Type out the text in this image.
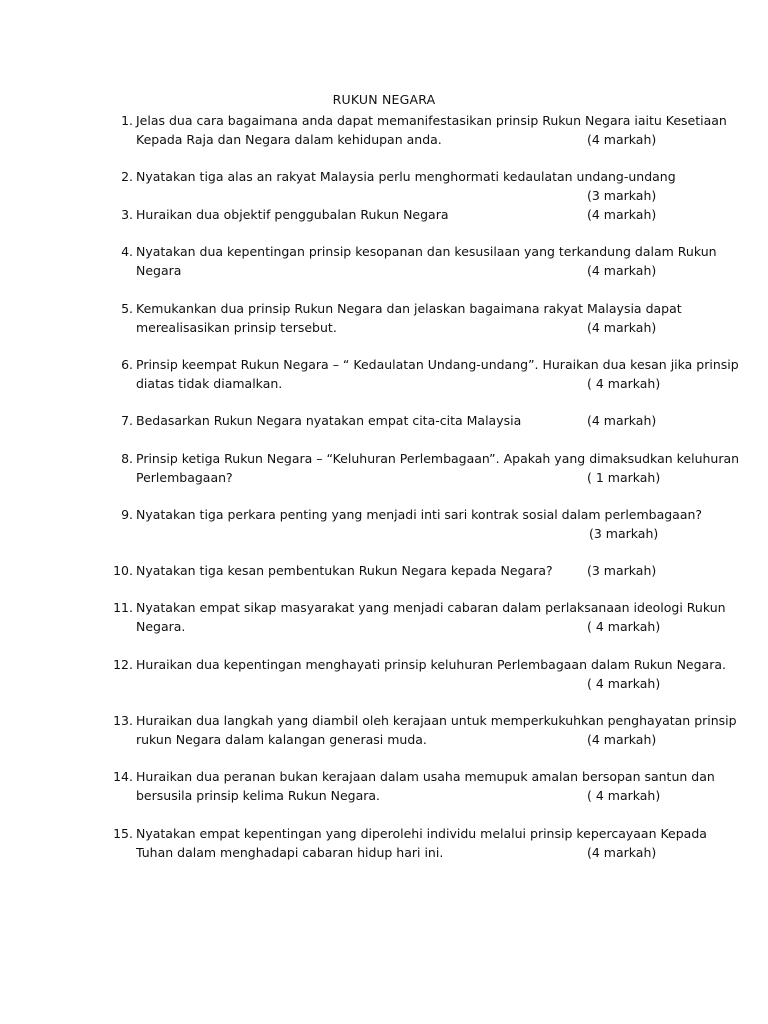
RUKUN NEGARA
1. Jelas dua cara bagaimana anda dapat memanifestasikan prinsip Rukun Negara iaitu Kesetiaan
Kepada Raja dan Negara dalam kehidupan anda.	(4 markah)
2. Nyatakan tiga alas an rakyat Malaysia perlu menghormati kedaulatan undang-undang
(3 markah)
3. Huraikan dua objektif penggubalan Rukun Negara	(4 markah)
4. Nyatakan dua kepentingan prinsip kesopanan dan kesusilaan yang terkandung dalam Rukun
Negara	(4 markah)
5. Kemukankan dua prinsip Rukun Negara dan jelaskan bagaimana rakyat Malaysia dapat
merealisasikan prinsip tersebut.	(4 markah)
6. Prinsip keempat Rukun Negara – “ Kedaulatan Undang-undang”. Huraikan dua kesan jika prinsip
diatas tidak diamalkan.	( 4 markah)
7. Bedasarkan Rukun Negara nyatakan empat cita-cita Malaysia	(4 markah)
8. Prinsip ketiga Rukun Negara – “Keluhuran Perlembagaan”. Apakah yang dimaksudkan keluhuran
Perlembagaan?	( 1 markah)
9. Nyatakan tiga perkara penting yang menjadi inti sari kontrak sosial dalam perlembagaan?
(3 markah)
10. Nyatakan tiga kesan pembentukan Rukun Negara kepada Negara?	(3 markah)
11. Nyatakan empat sikap masyarakat yang menjadi cabaran dalam perlaksanaan ideologi Rukun
Negara.	( 4 markah)
12. Huraikan dua kepentingan menghayati prinsip keluhuran Perlembagaan dalam Rukun Negara.
( 4 markah)
13. Huraikan dua langkah yang diambil oleh kerajaan untuk memperkukuhkan penghayatan prinsip
rukun Negara dalam kalangan generasi muda.	(4 markah)
14. Huraikan dua peranan bukan kerajaan dalam usaha memupuk amalan bersopan santun dan
bersusila prinsip kelima Rukun Negara.	( 4 markah)
15. Nyatakan empat kepentingan yang diperolehi individu melalui prinsip kepercayaan Kepada
Tuhan dalam menghadapi cabaran hidup hari ini.	(4 markah)
